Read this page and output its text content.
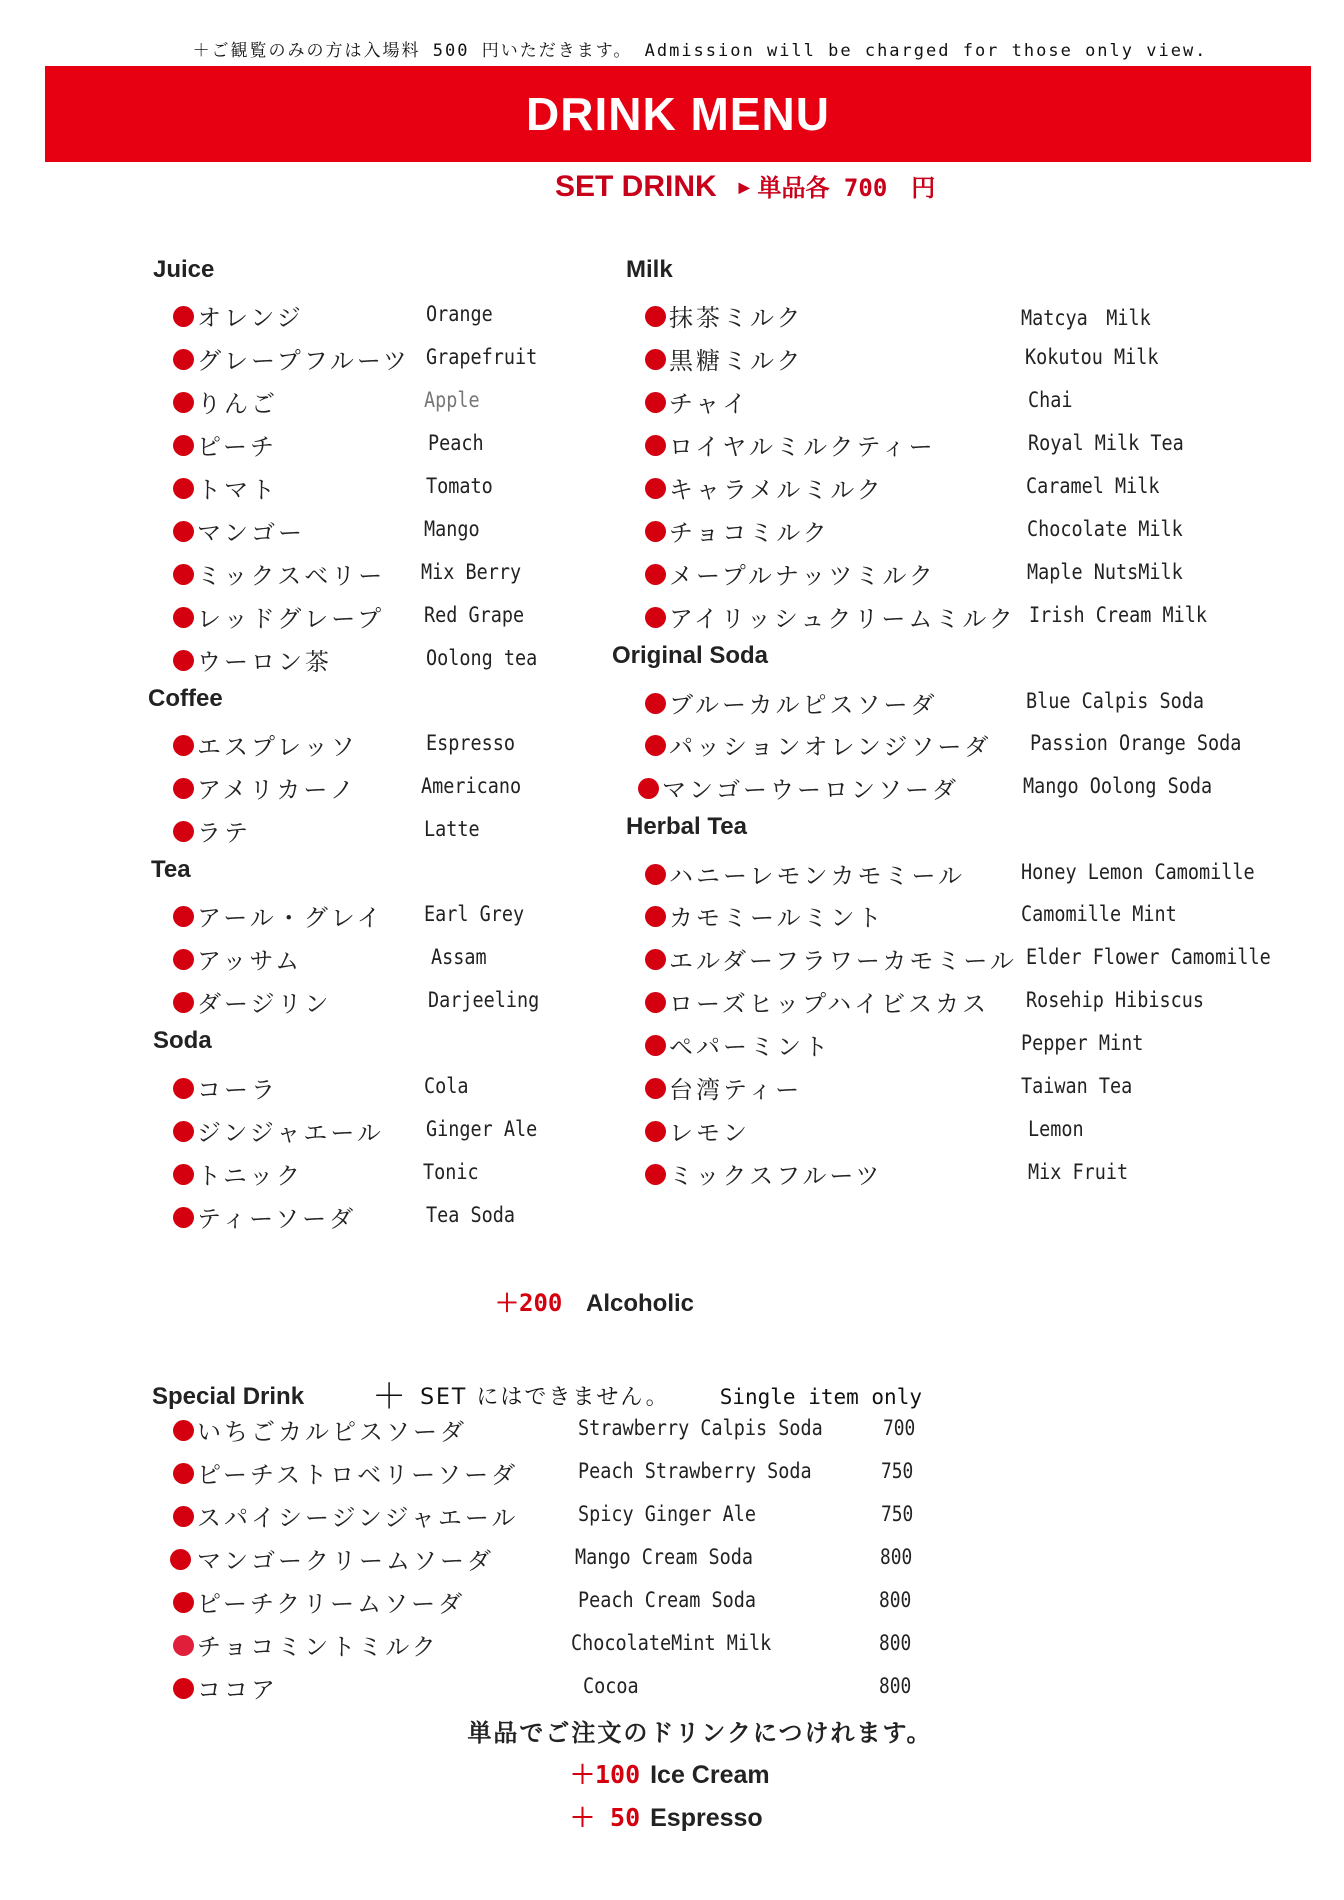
＋ご観覧のみの方は入場料 500 円いただきます。 Admission will be charged for those only view.
DRINK MENU
SET DRINK ▶ 単品各 700　円
Juice
オレンジ	Orange
グレープフルーツ Grapefruit
りんご	Apple
ピーチ	Peach
トマト	Tomato
マンゴー	Mango
ミックスベリー Mix Berry
レッドグレープ Red Grape
ウーロン茶	Oolong tea
Coffee
エスプレッソ	Espresso
アメリカーノ	Americano
ラテ	Latte
Tea
アール・グレイ Earl Grey
アッサム	Assam
ダージリン	Darjeeling
Soda
コーラ	Cola
ジンジャエール Ginger Ale
トニック	Tonic
ティーソーダ	Tea Soda
Milk
抹茶ミルク	Matcya　Milk
黒糖ミルク	Kokutou Milk
チャイ	Chai
ロイヤルミルクティー	Royal Milk Tea
キャラメルミルク	Caramel Milk
チョコミルク	Chocolate Milk
メープルナッツミルク	Maple NutsMilk
アイリッシュクリームミルク Irish Cream Milk
Original Soda
ブルーカルピスソーダ	Blue Calpis Soda
パッションオレンジソーダ Passion Orange Soda
マンゴーウーロンソーダ	Mango Oolong Soda
Herbal Tea
ハニーレモンカモミール	Honey Lemon Camomille
カモミールミント	Camomille Mint
エルダーフラワーカモミール Elder Flower Camomille
ローズヒップハイビスカス Rosehip Hibiscus
ペパーミント	Pepper Mint
台湾ティー	Taiwan Tea
レモン	Lemon
ミックスフルーツ	Mix Fruit
＋200 Alcoholic
Special Drink ＋ SET にはできません。 Single item only
いちごカルピスソーダ	Strawberry Calpis Soda	700
ピーチストロベリーソーダ	Peach Strawberry Soda	750
スパイシージンジャエール	Spicy Ginger Ale	750
マンゴークリームソーダ	Mango Cream Soda	800
ピーチクリームソーダ	Peach Cream Soda	800
チョコミントミルク	ChocolateMint Milk	800
ココア	Cocoa	800
単品でご注文のドリンクにつけれます。
＋100 Ice Cream
＋ 50 Espresso
